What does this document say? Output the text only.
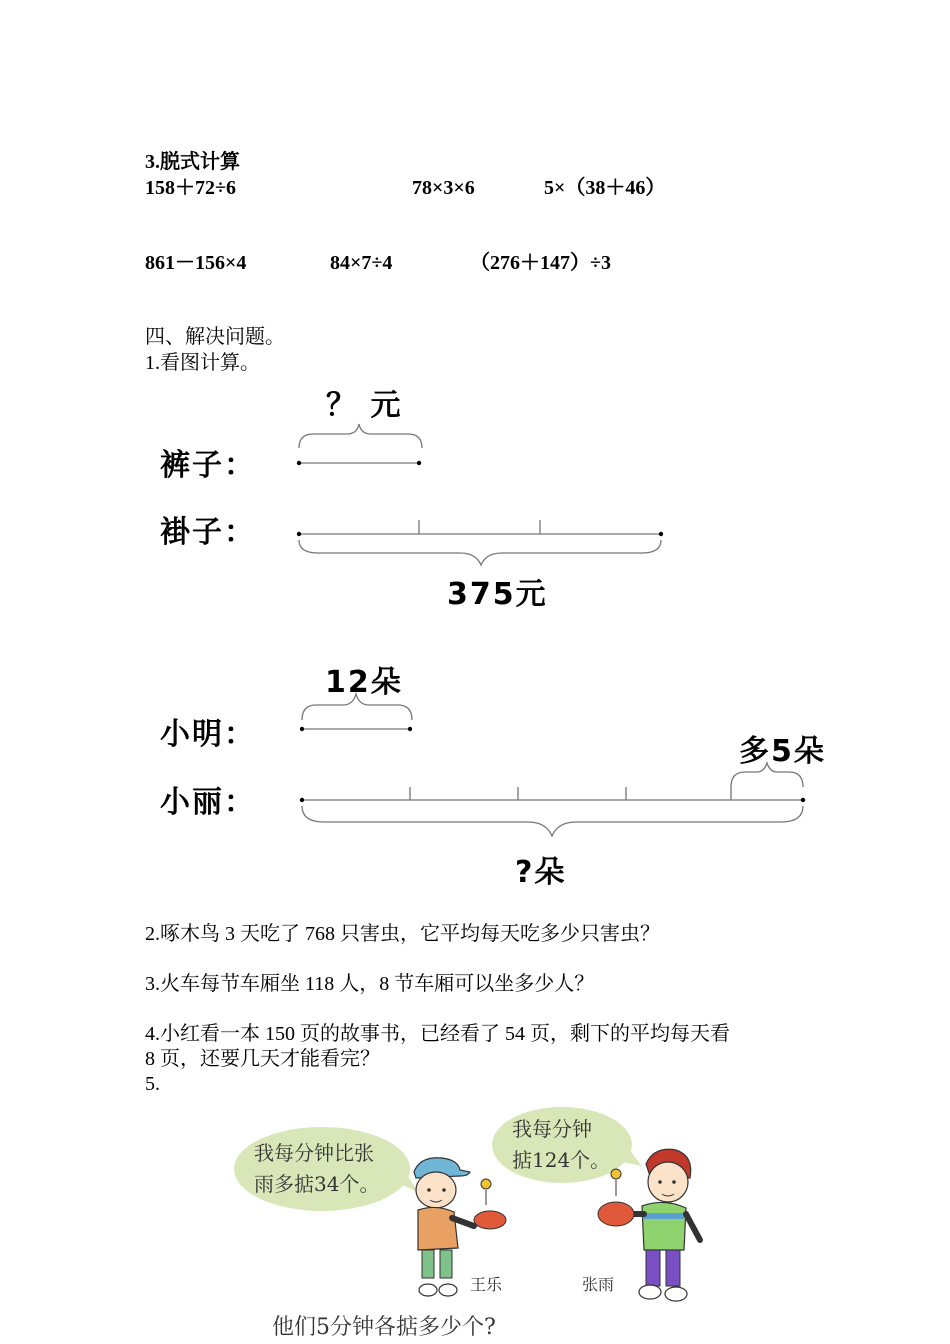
3.脱式计算
158＋72÷6	78×3×6	5×（38＋46）
861－156×4	84×7÷4	（276＋147）÷3
四、解决问题。
1.看图计算。
？ 元
裤子：
褂子：
375元
12朵
小明：
小丽：
多5朵
?朵
2.啄木鸟 3 天吃了 768 只害虫，它平均每天吃多少只害虫？
3.火车每节车厢坐 118 人，8 节车厢可以坐多少人？
4.小红看一本 150 页的故事书，已经看了 54 页，剩下的平均每天看
8 页，还要几天才能看完？
5.
我每分钟比张
雨多掂34个。
我每分钟
掂124个。
王乐	张雨
他们5分钟各掂多少个?
